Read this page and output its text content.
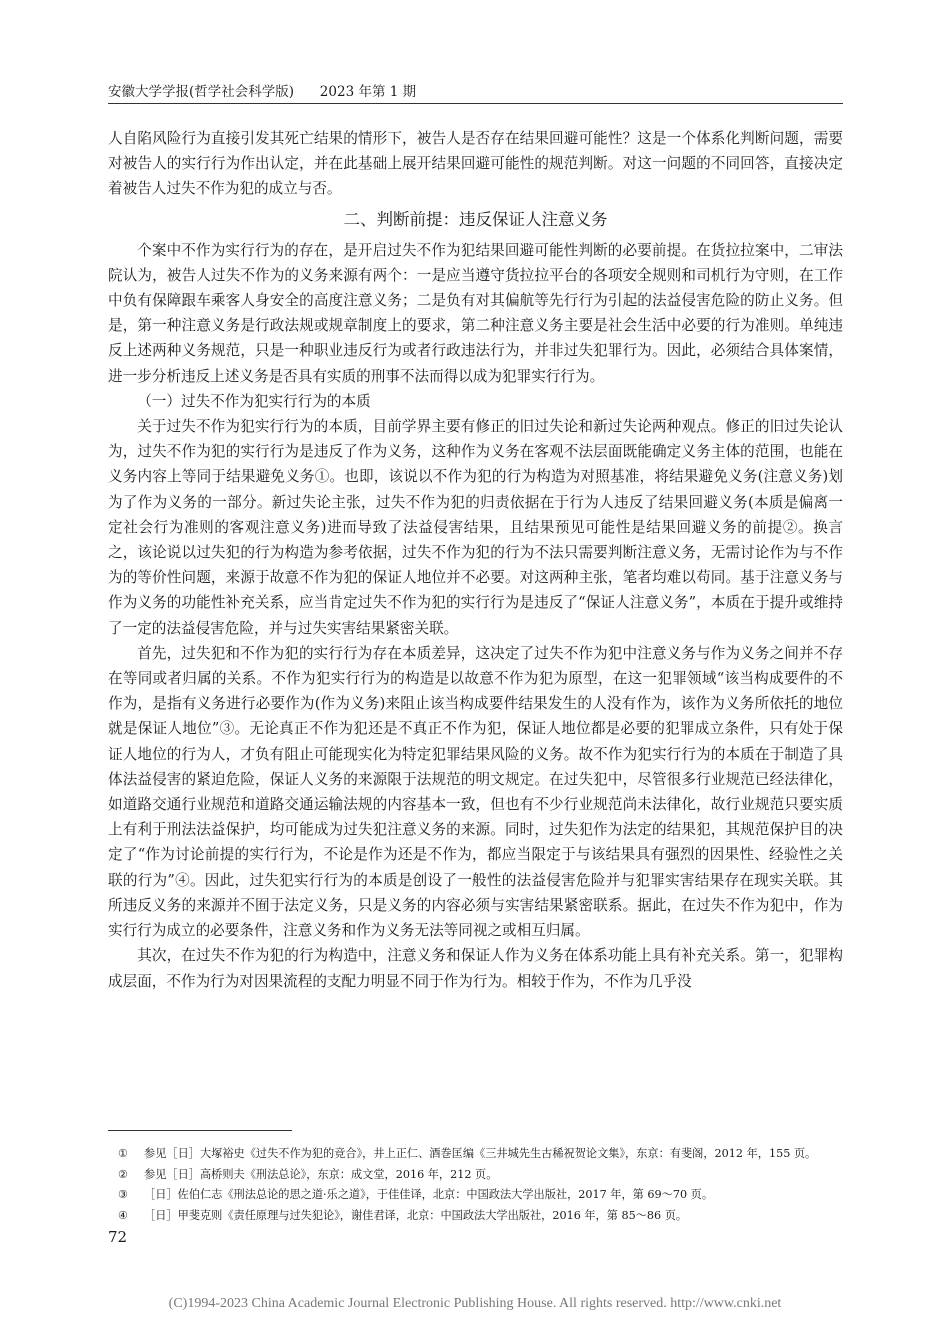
安徽大学学报(哲学社会科学版) 2023 年第 1 期

人自陷风险行为直接引发其死亡结果的情形下，被告人是否存在结果回避可能性？这是一个体系化判断问题，需要对被告人的实行行为作出认定，并在此基础上展开结果回避可能性的规范判断。对这一问题的不同回答，直接决定着被告人过失不作为犯的成立与否。

二、判断前提：违反保证人注意义务

个案中不作为实行行为的存在，是开启过失不作为犯结果回避可能性判断的必要前提。在货拉拉案中，二审法院认为，被告人过失不作为的义务来源有两个：一是应当遵守货拉拉平台的各项安全规则和司机行为守则，在工作中负有保障跟车乘客人身安全的高度注意义务；二是负有对其偏航等先行行为引起的法益侵害危险的防止义务。但是，第一种注意义务是行政法规或规章制度上的要求，第二种注意义务主要是社会生活中必要的行为准则。单纯违反上述两种义务规范，只是一种职业违反行为或者行政违法行为，并非过失犯罪行为。因此，必须结合具体案情，进一步分析违反上述义务是否具有实质的刑事不法而得以成为犯罪实行行为。

（一）过失不作为犯实行行为的本质

关于过失不作为犯实行行为的本质，目前学界主要有修正的旧过失论和新过失论两种观点。修正的旧过失论认为，过失不作为犯的实行行为是违反了作为义务，这种作为义务在客观不法层面既能确定义务主体的范围，也能在义务内容上等同于结果避免义务①。也即，该说以不作为犯的行为构造为对照基准，将结果避免义务(注意义务)划为了作为义务的一部分。新过失论主张，过失不作为犯的归责依据在于行为人违反了结果回避义务(本质是偏离一定社会行为准则的客观注意义务)进而导致了法益侵害结果，且结果预见可能性是结果回避义务的前提②。换言之，该论说以过失犯的行为构造为参考依据，过失不作为犯的行为不法只需要判断注意义务，无需讨论作为与不作为的等价性问题，来源于故意不作为犯的保证人地位并不必要。对这两种主张，笔者均难以苟同。基于注意义务与作为义务的功能性补充关系，应当肯定过失不作为犯的实行行为是违反了“保证人注意义务”，本质在于提升或维持了一定的法益侵害危险，并与过失实害结果紧密关联。

首先，过失犯和不作为犯的实行行为存在本质差异，这决定了过失不作为犯中注意义务与作为义务之间并不存在等同或者归属的关系。不作为犯实行行为的构造是以故意不作为犯为原型，在这一犯罪领域“该当构成要件的不作为，是指有义务进行必要作为(作为义务)来阻止该当构成要件结果发生的人没有作为，该作为义务所依托的地位就是保证人地位”③。无论真正不作为犯还是不真正不作为犯，保证人地位都是必要的犯罪成立条件，只有处于保证人地位的行为人，才负有阻止可能现实化为特定犯罪结果风险的义务。故不作为犯实行行为的本质在于制造了具体法益侵害的紧迫危险，保证人义务的来源限于法规范的明文规定。在过失犯中，尽管很多行业规范已经法律化，如道路交通行业规范和道路交通运输法规的内容基本一致，但也有不少行业规范尚未法律化，故行业规范只要实质上有利于刑法法益保护，均可能成为过失犯注意义务的来源。同时，过失犯作为法定的结果犯，其规范保护目的决定了“作为讨论前提的实行行为，不论是作为还是不作为，都应当限定于与该结果具有强烈的因果性、经验性之关联的行为”④。因此，过失犯实行行为的本质是创设了一般性的法益侵害危险并与犯罪实害结果存在现实关联。其所违反义务的来源并不囿于法定义务，只是义务的内容必须与实害结果紧密联系。据此，在过失不作为犯中，作为实行行为成立的必要条件，注意义务和作为义务无法等同视之或相互归属。

其次，在过失不作为犯的行为构造中，注意义务和保证人作为义务在体系功能上具有补充关系。第一，犯罪构成层面，不作为行为对因果流程的支配力明显不同于作为行为。相较于作为，不作为几乎没

① 参见［日］大塚裕史《过失不作为犯的竞合》，井上正仁、酒巻匡编《三井城先生古稀祝贺论文集》，东京：有斐阁，2012 年，155 页。
② 参见［日］高桥则夫《刑法总论》，东京：成文堂，2016 年，212 页。
③ ［日］佐伯仁志《刑法总论的思之道·乐之道》，于佳佳译，北京：中国政法大学出版社，2017 年，第 69～70 页。
④ ［日］甲斐克则《责任原理与过失犯论》，谢佳君译，北京：中国政法大学出版社，2016 年，第 85～86 页。
72
(C)1994-2023 China Academic Journal Electronic Publishing House. All rights reserved. http://www.cnki.net
